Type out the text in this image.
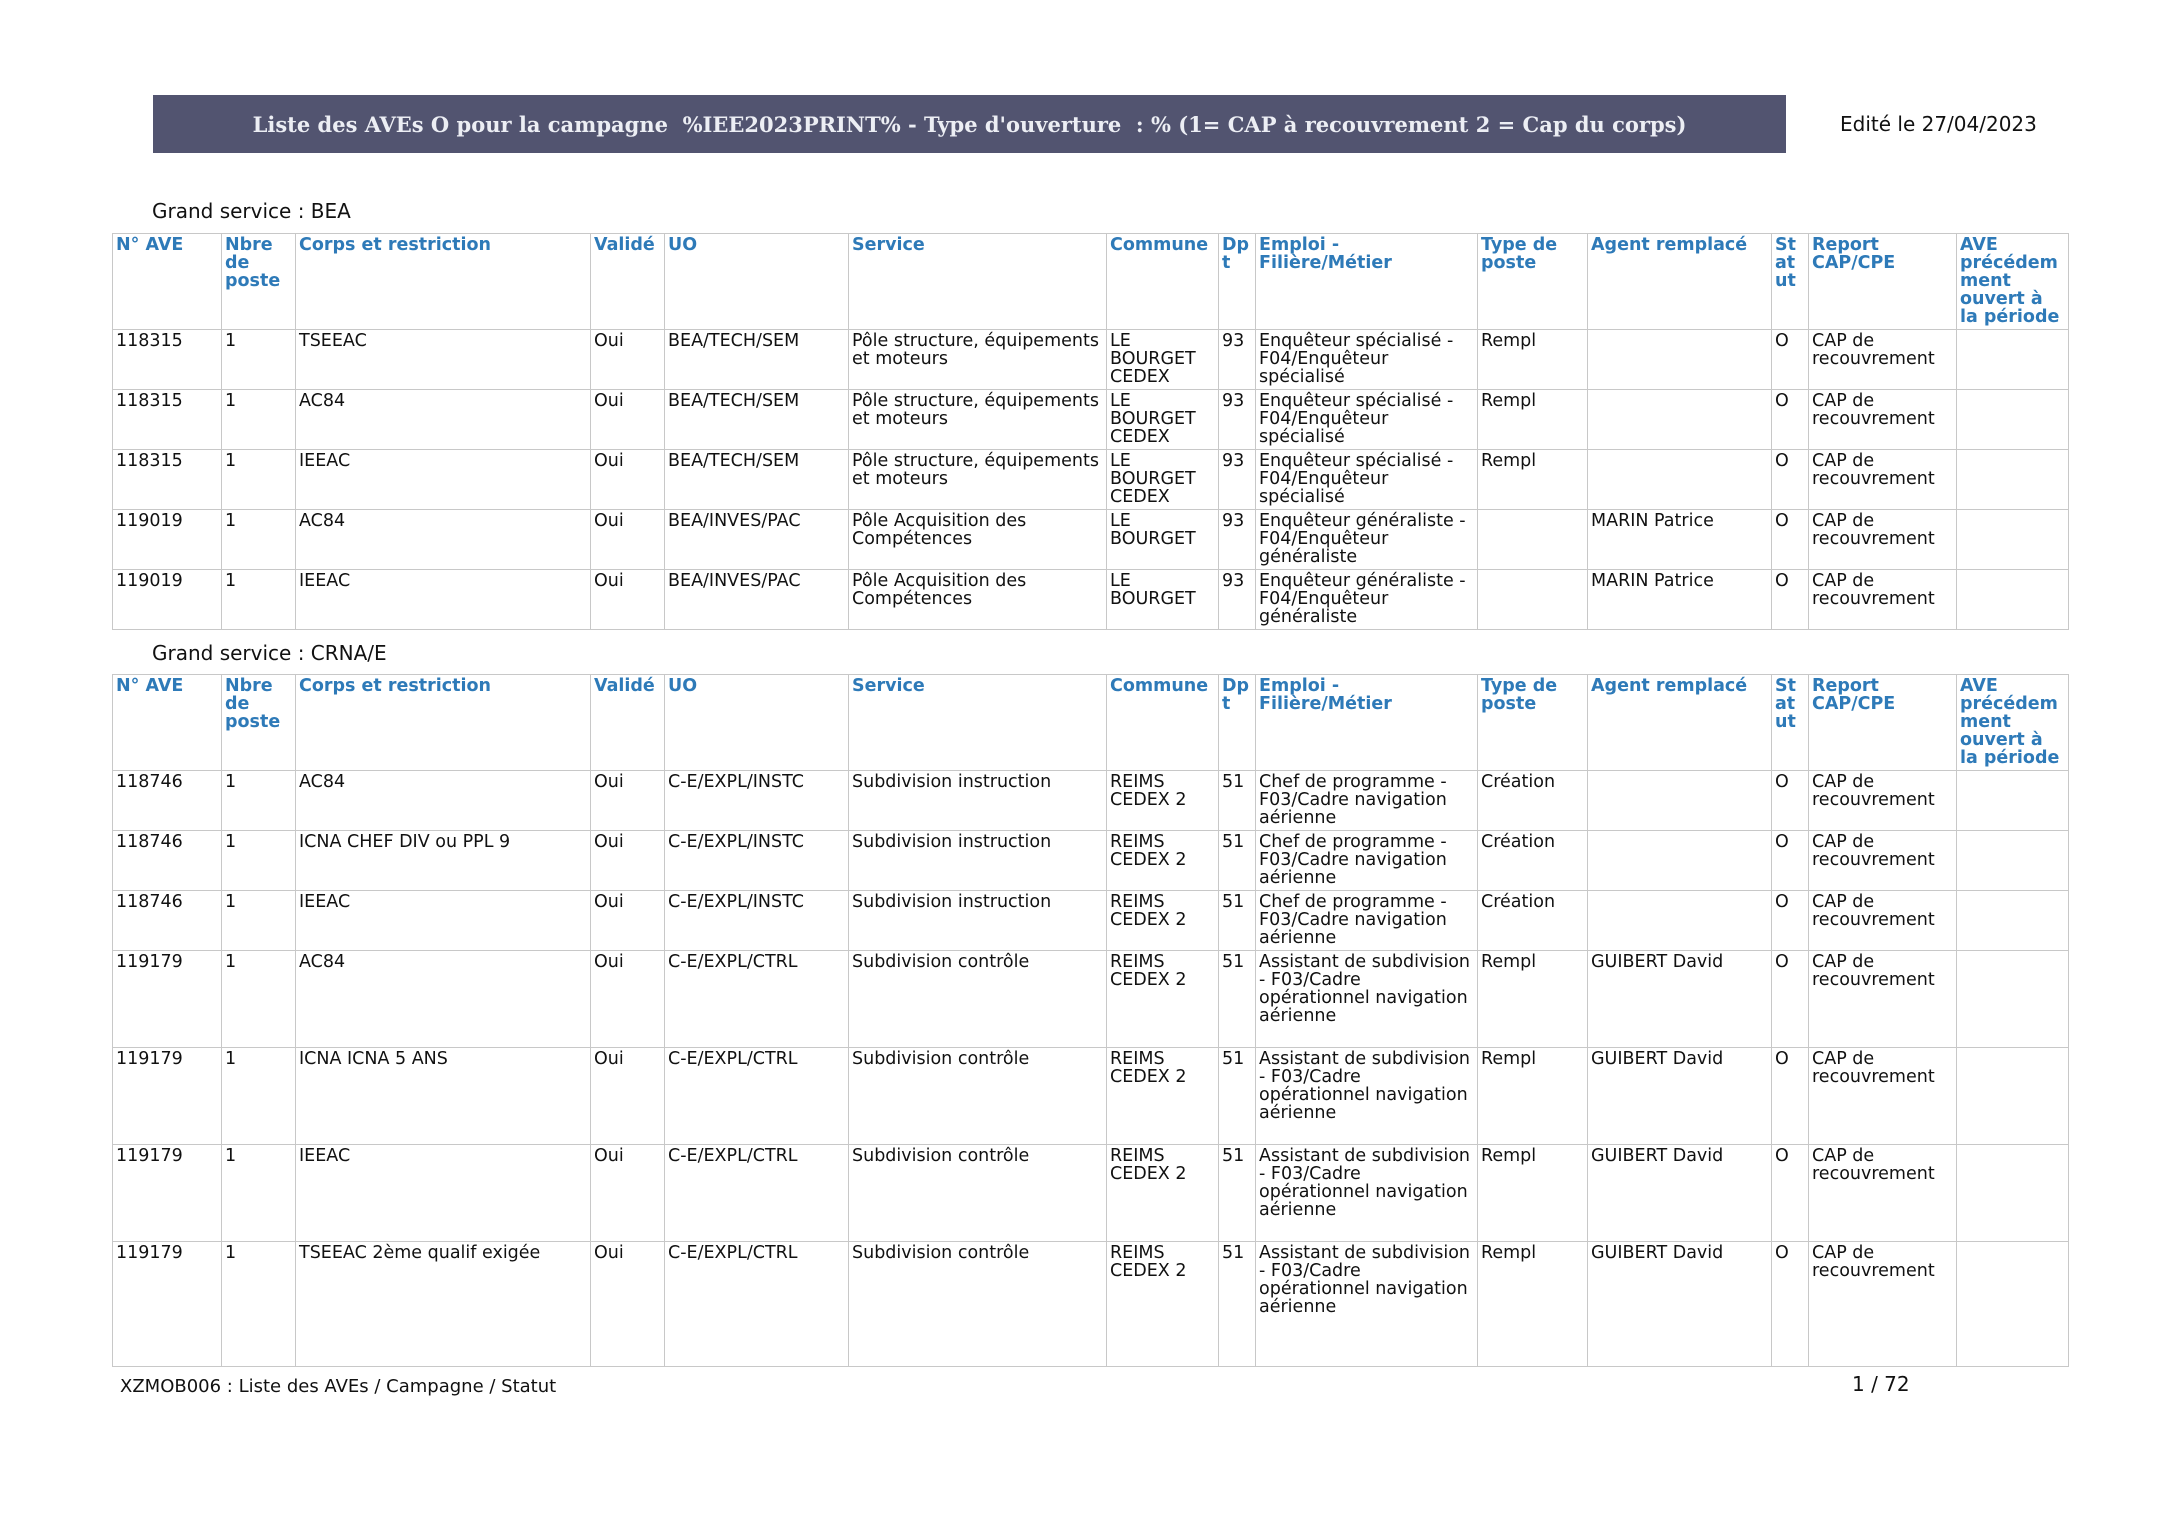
Liste des AVEs O pour la campagne  %IEE2023PRINT% - Type d'ouverture  : % (1= CAP à recouvrement 2 = Cap du corps)	Edité le 27/04/2023
Grand service : BEA
N° AVE	Nbre de poste	Corps et restriction	Validé	UO	Service	Commune	Dpt	Emploi - Filière/Métier	Type de poste	Agent remplacé	Statut	Report CAP/CPE	AVE précédemment ouvert à la période
118315	1	TSEEAC	Oui	BEA/TECH/SEM	Pôle structure, équipements et moteurs	LE BOURGET CEDEX	93	Enquêteur spécialisé - F04/Enquêteur spécialisé	Rempl		O	CAP de recouvrement	
118315	1	AC84	Oui	BEA/TECH/SEM	Pôle structure, équipements et moteurs	LE BOURGET CEDEX	93	Enquêteur spécialisé - F04/Enquêteur spécialisé	Rempl		O	CAP de recouvrement	
118315	1	IEEAC	Oui	BEA/TECH/SEM	Pôle structure, équipements et moteurs	LE BOURGET CEDEX	93	Enquêteur spécialisé - F04/Enquêteur spécialisé	Rempl		O	CAP de recouvrement	
119019	1	AC84	Oui	BEA/INVES/PAC	Pôle Acquisition des Compétences	LE BOURGET	93	Enquêteur généraliste - F04/Enquêteur généraliste		MARIN Patrice	O	CAP de recouvrement	
119019	1	IEEAC	Oui	BEA/INVES/PAC	Pôle Acquisition des Compétences	LE BOURGET	93	Enquêteur généraliste - F04/Enquêteur généraliste		MARIN Patrice	O	CAP de recouvrement	
Grand service : CRNA/E
N° AVE	Nbre de poste	Corps et restriction	Validé	UO	Service	Commune	Dpt	Emploi - Filière/Métier	Type de poste	Agent remplacé	Statut	Report CAP/CPE	AVE précédemment ouvert à la période
118746	1	AC84	Oui	C-E/EXPL/INSTC	Subdivision instruction	REIMS CEDEX 2	51	Chef de programme - F03/Cadre navigation aérienne	Création		O	CAP de recouvrement	
118746	1	ICNA CHEF DIV ou PPL 9	Oui	C-E/EXPL/INSTC	Subdivision instruction	REIMS CEDEX 2	51	Chef de programme - F03/Cadre navigation aérienne	Création		O	CAP de recouvrement	
118746	1	IEEAC	Oui	C-E/EXPL/INSTC	Subdivision instruction	REIMS CEDEX 2	51	Chef de programme - F03/Cadre navigation aérienne	Création		O	CAP de recouvrement	
119179	1	AC84	Oui	C-E/EXPL/CTRL	Subdivision contrôle	REIMS CEDEX 2	51	Assistant de subdivision - F03/Cadre opérationnel navigation aérienne	Rempl	GUIBERT David	O	CAP de recouvrement	
119179	1	ICNA ICNA 5 ANS	Oui	C-E/EXPL/CTRL	Subdivision contrôle	REIMS CEDEX 2	51	Assistant de subdivision - F03/Cadre opérationnel navigation aérienne	Rempl	GUIBERT David	O	CAP de recouvrement	
119179	1	IEEAC	Oui	C-E/EXPL/CTRL	Subdivision contrôle	REIMS CEDEX 2	51	Assistant de subdivision - F03/Cadre opérationnel navigation aérienne	Rempl	GUIBERT David	O	CAP de recouvrement	
119179	1	TSEEAC 2ème qualif exigée	Oui	C-E/EXPL/CTRL	Subdivision contrôle	REIMS CEDEX 2	51	Assistant de subdivision - F03/Cadre opérationnel navigation aérienne	Rempl	GUIBERT David	O	CAP de recouvrement	
XZMOB006 : Liste des AVEs / Campagne / Statut	1 / 72
